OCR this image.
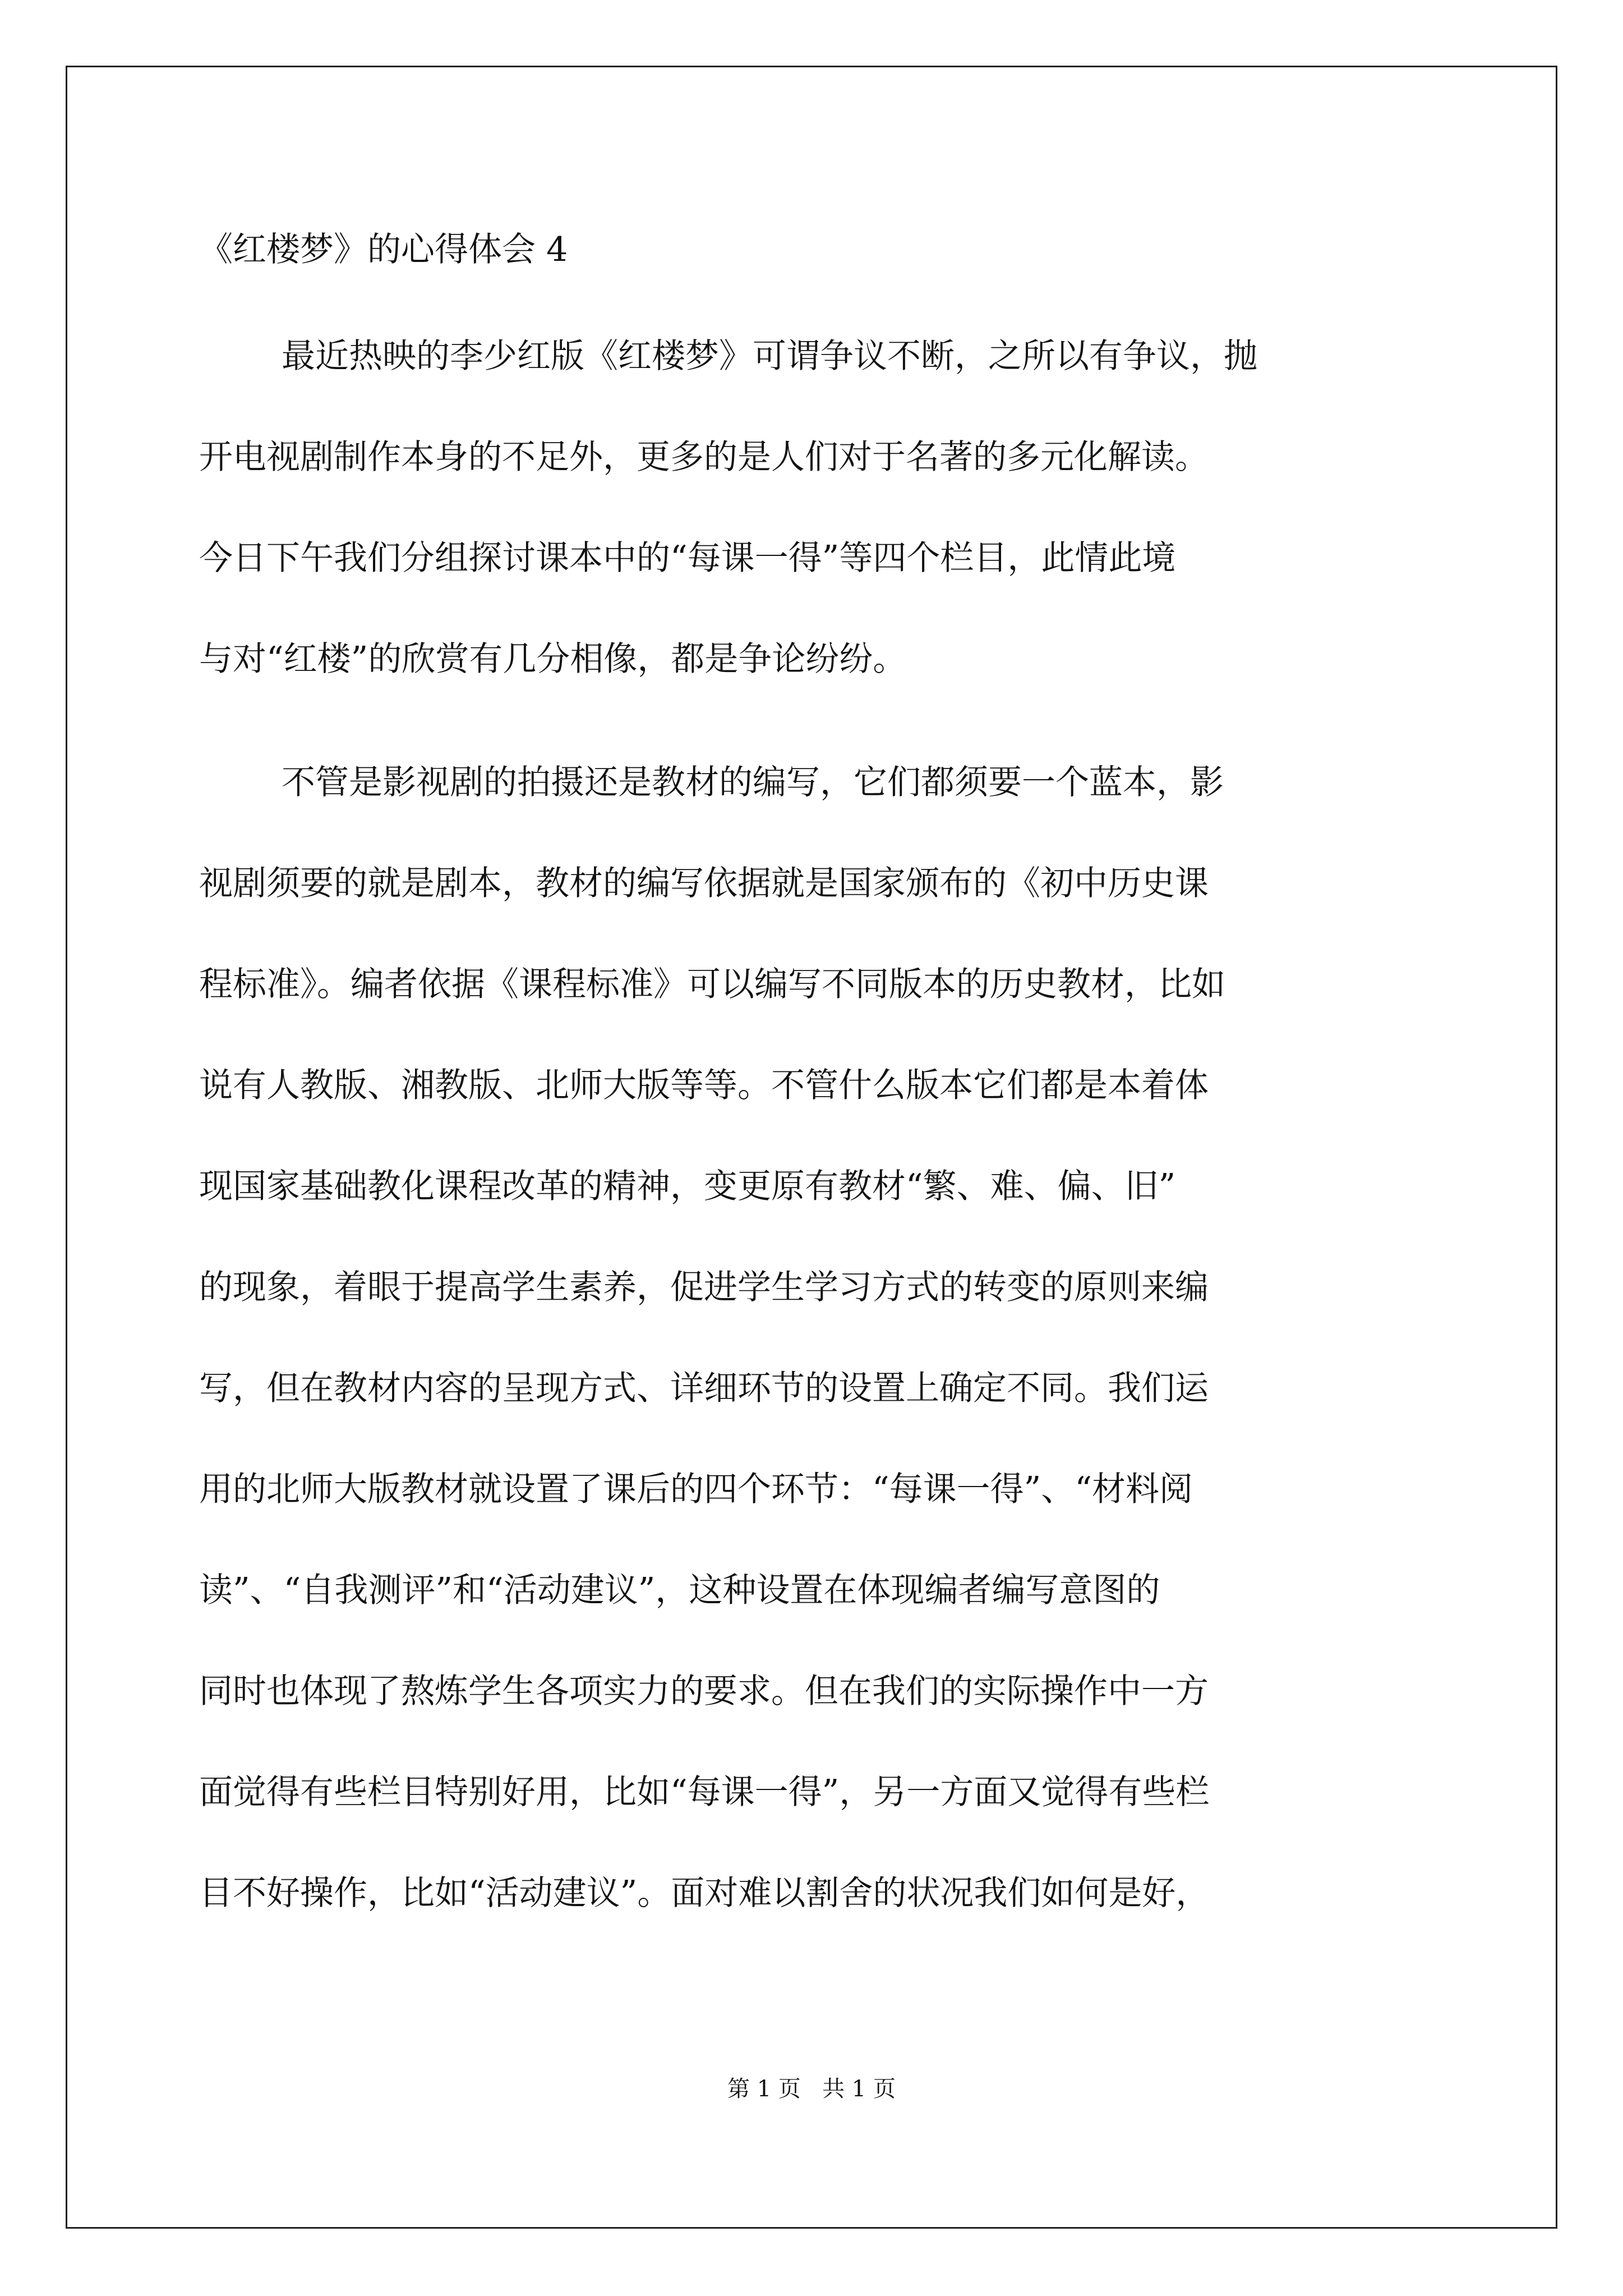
《红楼梦》的心得体会 4
最近热映的李少红版《红楼梦》可谓争议不断，之所以有争议，抛
开电视剧制作本身的不足外，更多的是人们对于名著的多元化解读。
今日下午我们分组探讨课本中的“每课一得”等四个栏目，此情此境
与对“红楼”的欣赏有几分相像，都是争论纷纷。
不管是影视剧的拍摄还是教材的编写，它们都须要一个蓝本，影
视剧须要的就是剧本，教材的编写依据就是国家颁布的《初中历史课
程标准》。编者依据《课程标准》可以编写不同版本的历史教材，比如
说有人教版、湘教版、北师大版等等。不管什么版本它们都是本着体
现国家基础教化课程改革的精神，变更原有教材“繁、难、偏、旧”
的现象，着眼于提高学生素养，促进学生学习方式的转变的原则来编
写，但在教材内容的呈现方式、详细环节的设置上确定不同。我们运
用的北师大版教材就设置了课后的四个环节：“每课一得”、“材料阅
读”、“自我测评”和“活动建议”，这种设置在体现编者编写意图的
同时也体现了熬炼学生各项实力的要求。但在我们的实际操作中一方
面觉得有些栏目特别好用，比如“每课一得”，另一方面又觉得有些栏
目不好操作，比如“活动建议”。面对难以割舍的状况我们如何是好，
第 1 页   共 1 页
